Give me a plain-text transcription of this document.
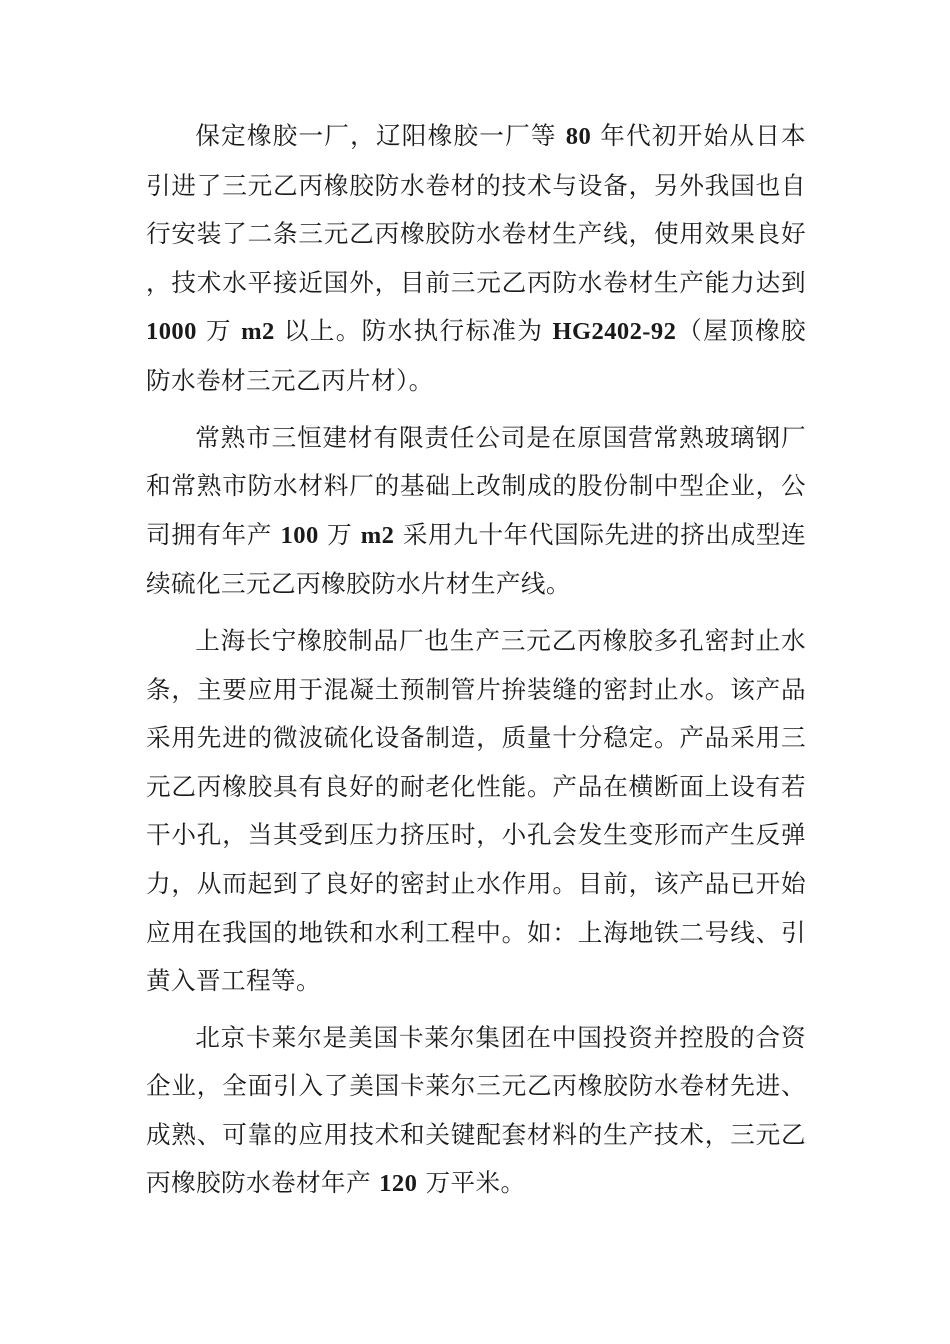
保定橡胶一厂，辽阳橡胶一厂等 80 年代初开始从日本引进了三元乙丙橡胶防水卷材的技术与设备，另外我国也自行安装了二条三元乙丙橡胶防水卷材生产线，使用效果良好 ，技术水平接近国外，目前三元乙丙防水卷材生产能力达到 1000 万 m2 以上。防水执行标准为 HG2402-92（屋顶橡胶防水卷材三元乙丙片材）。

常熟市三恒建材有限责任公司是在原国营常熟玻璃钢厂和常熟市防水材料厂的基础上改制成的股份制中型企业，公司拥有年产 100 万 m2 采用九十年代国际先进的挤出成型连续硫化三元乙丙橡胶防水片材生产线。

上海长宁橡胶制品厂也生产三元乙丙橡胶多孔密封止水条，主要应用于混凝土预制管片拚装缝的密封止水。该产品采用先进的微波硫化设备制造，质量十分稳定。产品采用三元乙丙橡胶具有良好的耐老化性能。产品在横断面上设有若干小孔，当其受到压力挤压时，小孔会发生变形而产生反弹力，从而起到了良好的密封止水作用。目前，该产品已开始应用在我国的地铁和水利工程中。如：上海地铁二号线、引黄入晋工程等。

北京卡莱尔是美国卡莱尔集团在中国投资并控股的合资企业，全面引入了美国卡莱尔三元乙丙橡胶防水卷材先进、成熟、可靠的应用技术和关键配套材料的生产技术，三元乙丙橡胶防水卷材年产 120 万平米。
